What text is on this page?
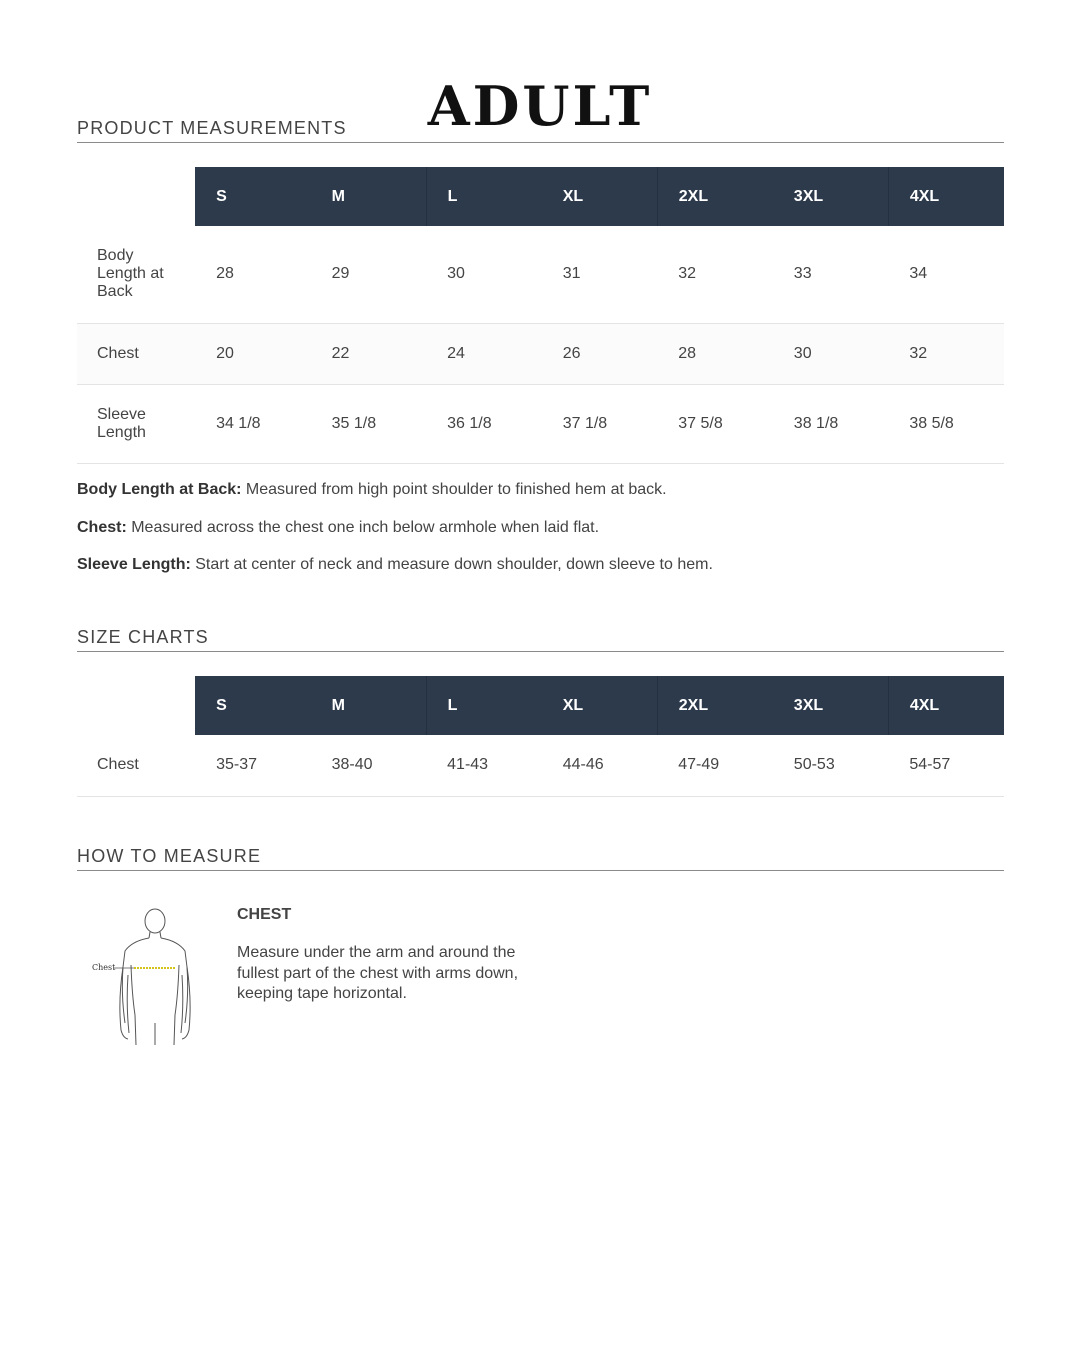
ADULT
PRODUCT MEASUREMENTS
	S	M	L	XL	2XL	3XL	4XL

Body Length at Back	28	29	30	31	32	33	34
Chest	20	22	24	26	28	30	32

Sleeve Length	34 1/8	35 1/8	36 1/8	37 1/8	37 5/8	38 1/8	38 5/8

Body Length at Back: Measured from high point shoulder to finished hem at back.

Chest: Measured across the chest one inch below armhole when laid flat.

Sleeve Length: Start at center of neck and measure down shoulder, down sleeve to hem.

SIZE CHARTS
	S	M	L	XL	2XL	3XL	4XL
Chest	35-37	38-40	41-43	44-46	47-49	50-53	54-57
HOW TO MEASURE
Chest
CHEST

Measure under the arm and around the fullest part of the chest with arms down, keeping tape horizontal.
